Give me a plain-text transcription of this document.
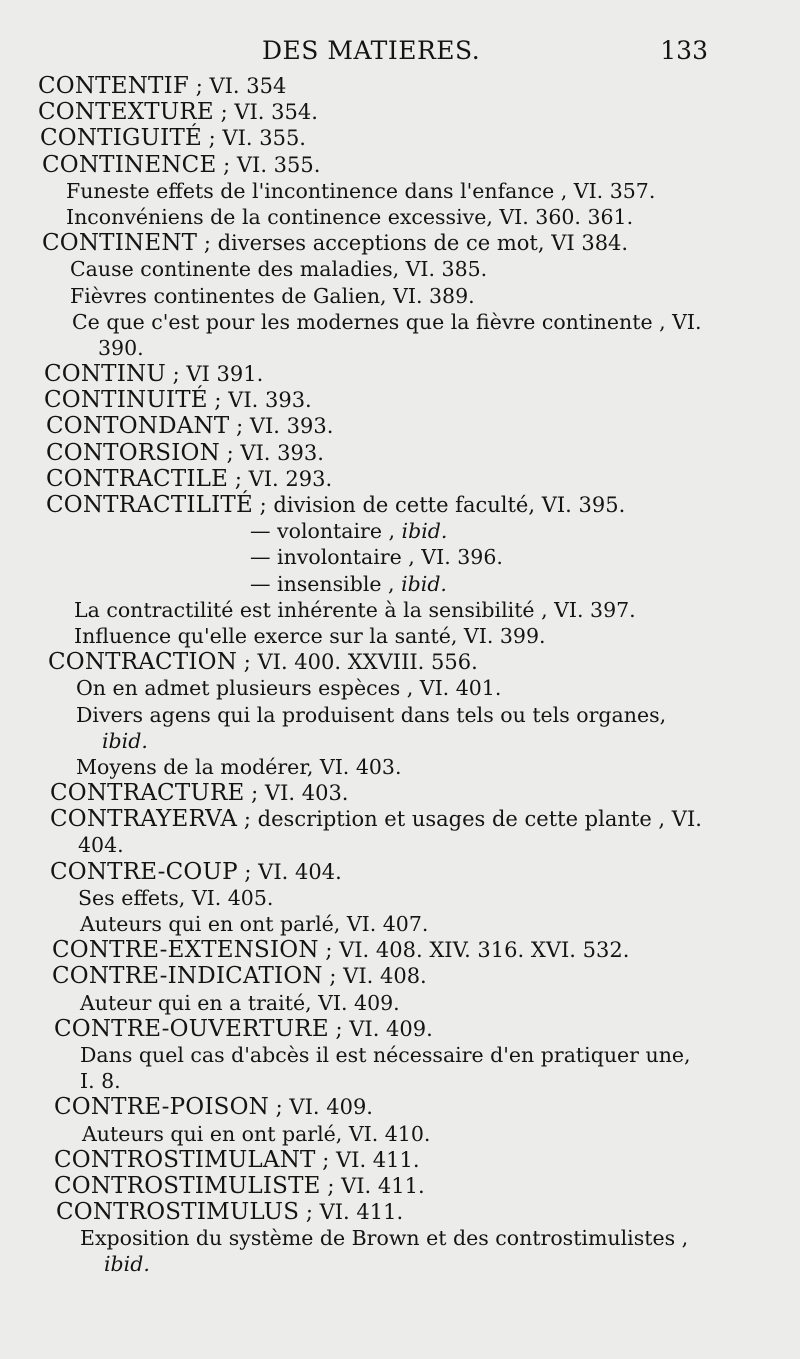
DES MATIERES.	133
CONTENTIF ; VI. 354
CONTEXTURE ; VI. 354.
CONTIGUITÉ ; VI. 355.
CONTINENCE ; VI. 355.
Funeste effets de l'incontinence dans l'enfance , VI. 357.
Inconvéniens de la continence excessive, VI. 360. 361.
CONTINENT ; diverses acceptions de ce mot, VI 384.
Cause continente des maladies, VI. 385.
Fièvres continentes de Galien, VI. 389.
Ce que c'est pour les modernes que la fièvre continente , VI.
390.
CONTINU ; VI 391.
CONTINUITÉ ; VI. 393.
CONTONDANT ; VI. 393.
CONTORSION ; VI. 393.
CONTRACTILE ; VI. 293.
CONTRACTILITÉ ; division de cette faculté, VI. 395.
— volontaire , ibid.
— involontaire , VI. 396.
— insensible , ibid.
La contractilité est inhérente à la sensibilité , VI. 397.
Influence qu'elle exerce sur la santé, VI. 399.
CONTRACTION ; VI. 400. XXVIII. 556.
On en admet plusieurs espèces , VI. 401.
Divers agens qui la produisent dans tels ou tels organes,
ibid.
Moyens de la modérer, VI. 403.
CONTRACTURE ; VI. 403.
CONTRAYERVA ; description et usages de cette plante , VI.
404.
CONTRE-COUP ; VI. 404.
Ses effets, VI. 405.
Auteurs qui en ont parlé, VI. 407.
CONTRE-EXTENSION ; VI. 408. XIV. 316. XVI. 532.
CONTRE-INDICATION ; VI. 408.
Auteur qui en a traité, VI. 409.
CONTRE-OUVERTURE ; VI. 409.
Dans quel cas d'abcès il est nécessaire d'en pratiquer une,
I. 8.
CONTRE-POISON ; VI. 409.
Auteurs qui en ont parlé, VI. 410.
CONTROSTIMULANT ; VI. 411.
CONTROSTIMULISTE ; VI. 411.
CONTROSTIMULUS ; VI. 411.
Exposition du système de Brown et des controstimulistes ,
ibid.
